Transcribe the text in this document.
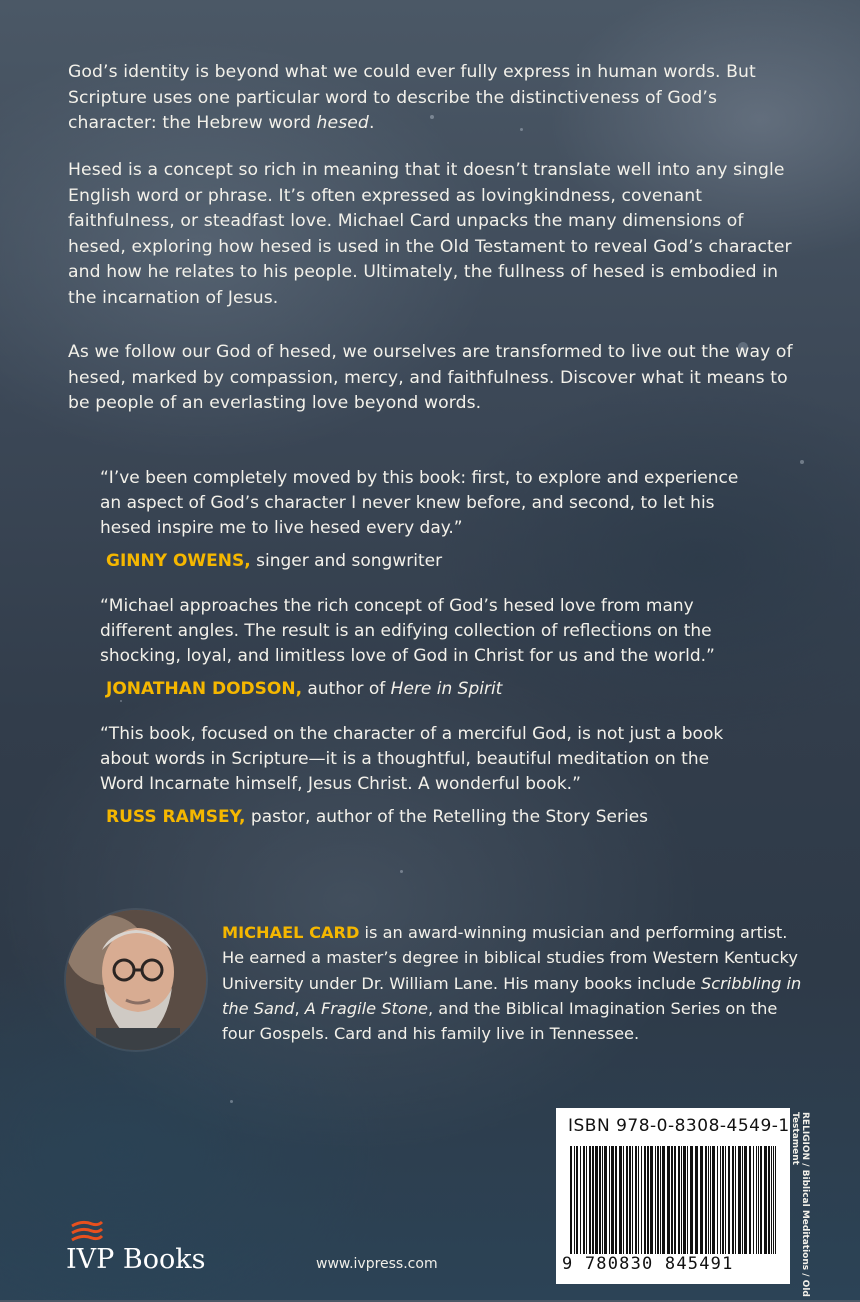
God’s identity is beyond what we could ever fully express in human words. But Scripture uses one particular word to describe the distinctiveness of God’s character: the Hebrew word hesed.

Hesed is a concept so rich in meaning that it doesn’t translate well into any single English word or phrase. It’s often expressed as lovingkindness, covenant faithfulness, or steadfast love. Michael Card unpacks the many dimensions of hesed, exploring how hesed is used in the Old Testament to reveal God’s character and how he relates to his people. Ultimately, the fullness of hesed is embodied in the incarnation of Jesus.

As we follow our God of hesed, we ourselves are transformed to live out the way of hesed, marked by compassion, mercy, and faithfulness. Discover what it means to be people of an everlasting love beyond words.

“I’ve been completely moved by this book: first, to explore and experience an aspect of God’s character I never knew before, and second, to let his hesed inspire me to live hesed every day.”

GINNY OWENS, singer and songwriter

“Michael approaches the rich concept of God’s hesed love from many different angles. The result is an edifying collection of reflections on the shocking, loyal, and limitless love of God in Christ for us and the world.”

JONATHAN DODSON, author of Here in Spirit

“This book, focused on the character of a merciful God, is not just a book about words in Scripture—it is a thoughtful, beautiful meditation on the Word Incarnate himself, Jesus Christ. A wonderful book.”

RUSS RAMSEY, pastor, author of the Retelling the Story Series

MICHAEL CARD is an award-winning musician and performing artist. He earned a master’s degree in biblical studies from Western Kentucky University under Dr. William Lane. His many books include Scribbling in the Sand, A Fragile Stone, and the Biblical Imagination Series on the four Gospels. Card and his family live in Tennessee.

ISBN 978-0-8308-4549-1
9 780830 845491	RELIGION / Biblical Meditations / Old Testament
IVP Books	www.ivpress.com
